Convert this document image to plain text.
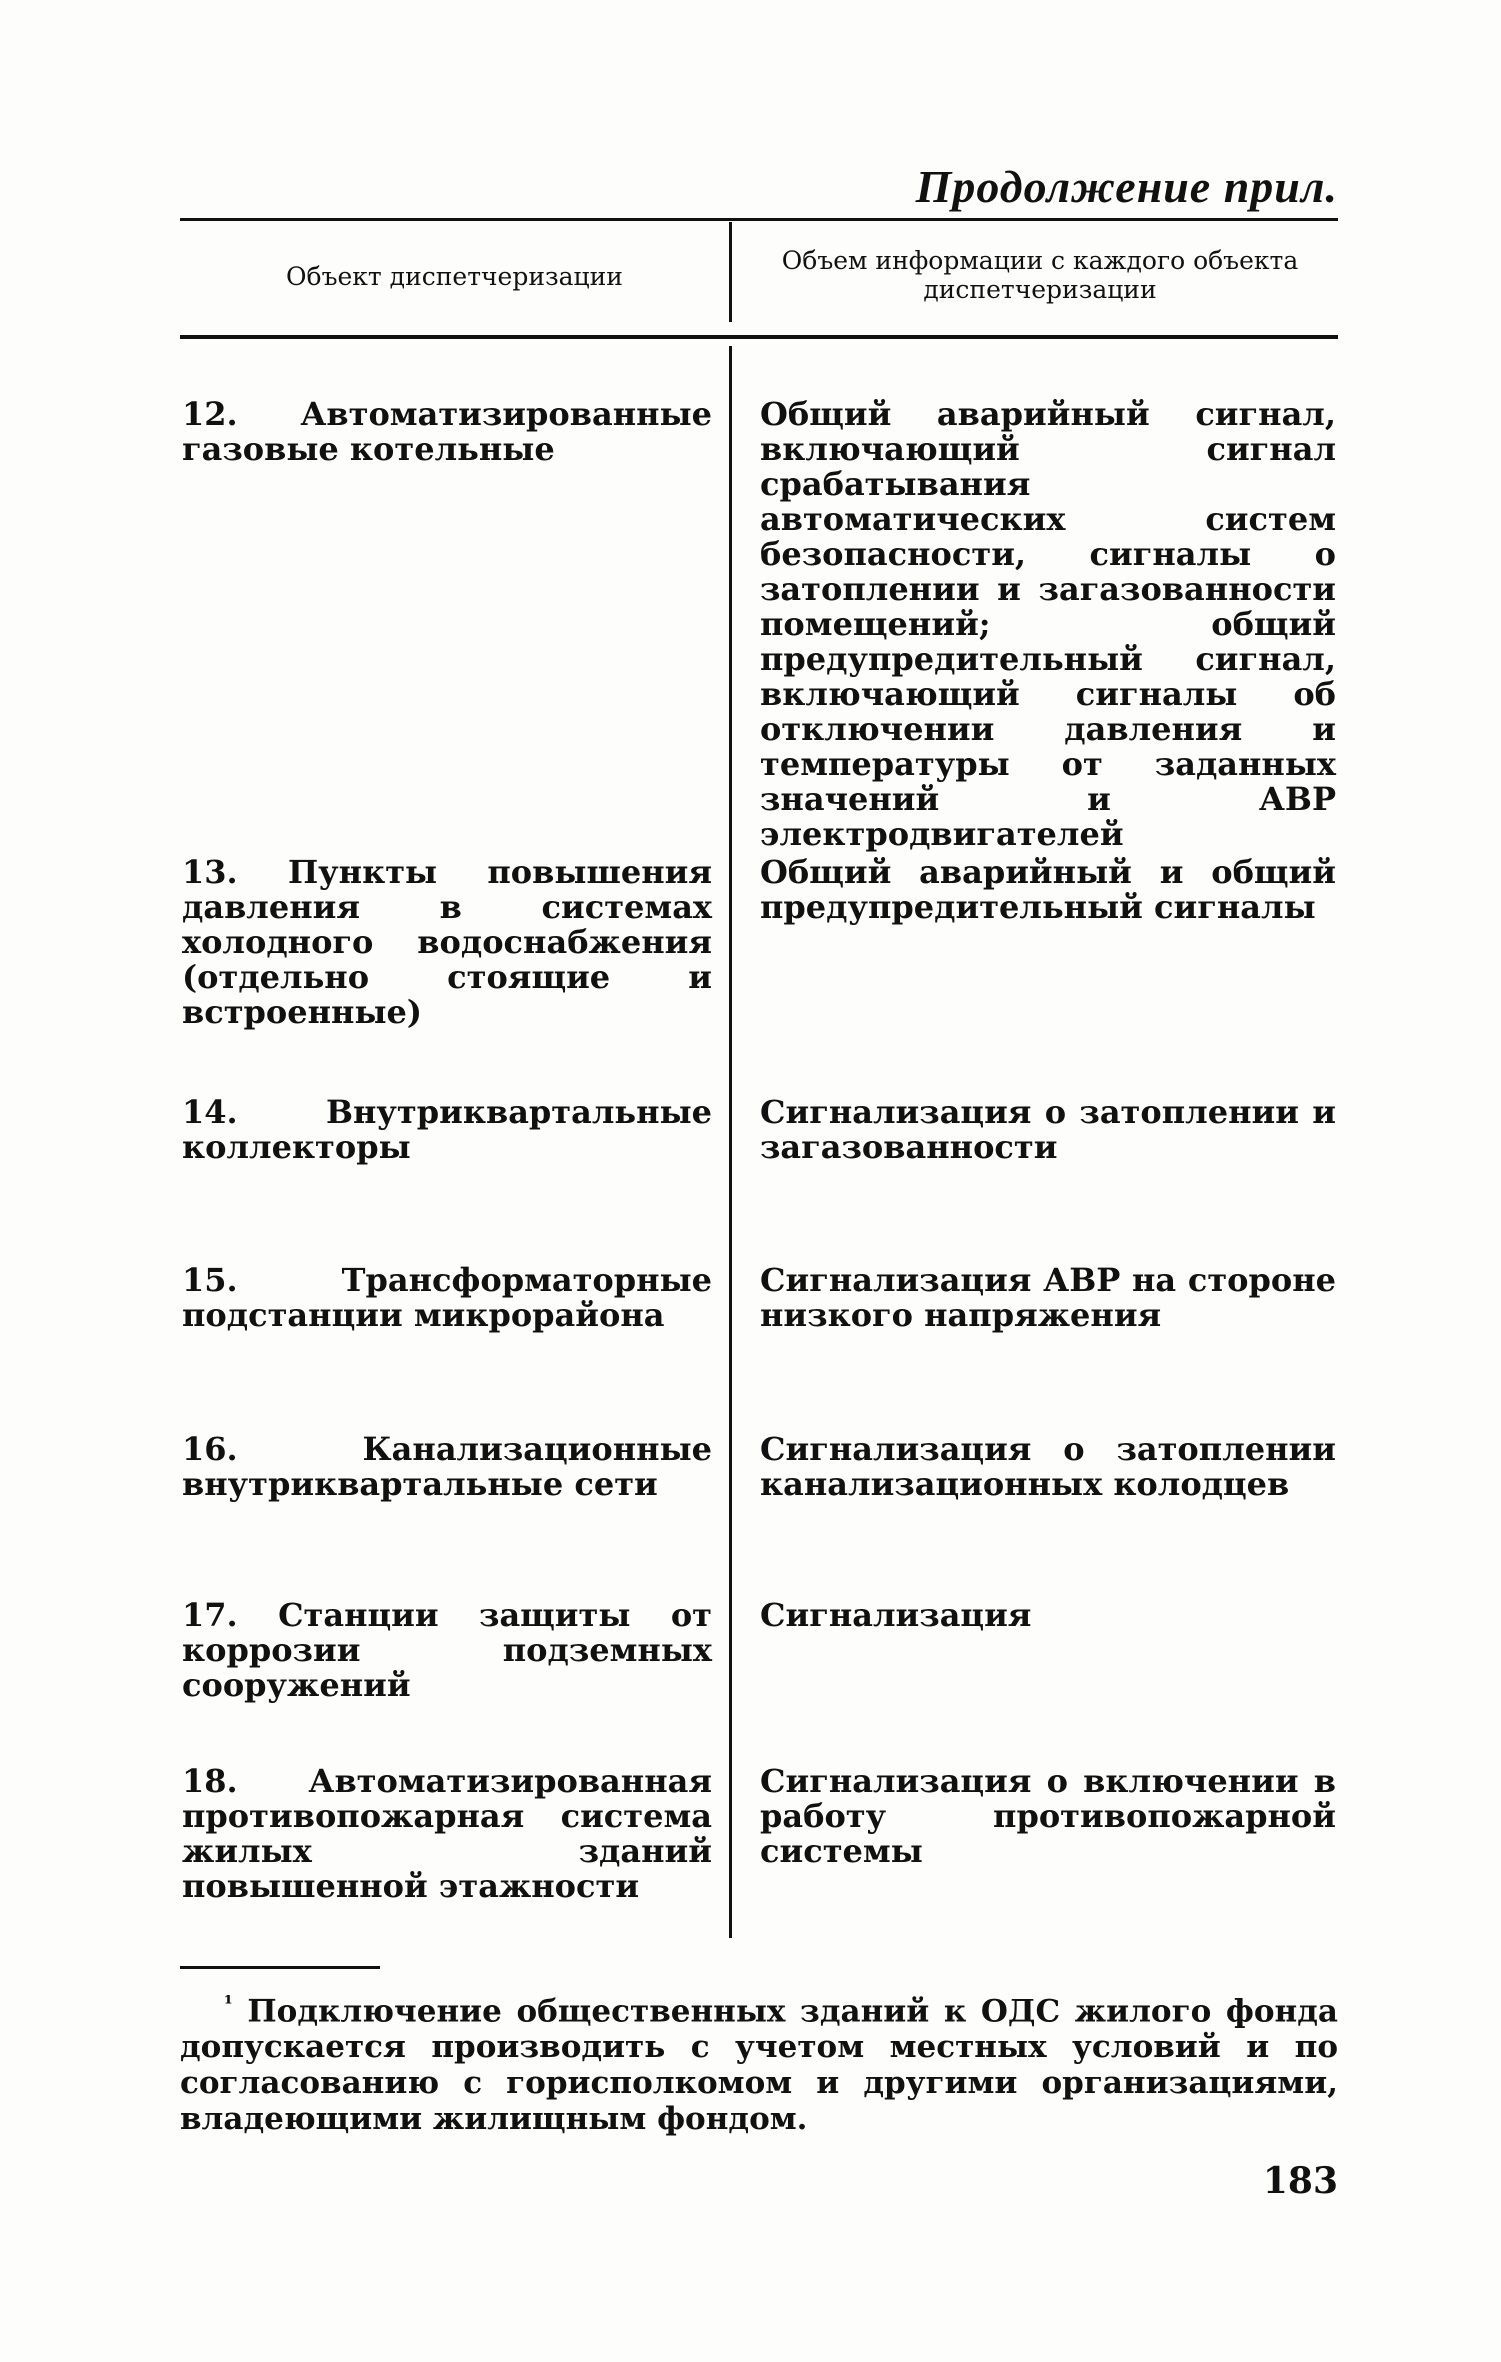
Продолжение прил.
Объект диспетчеризации
Объем информации с каждого объекта диспетчеризации
12. Автоматизированные газовые котельные
Общий аварийный сигнал, включающий сигнал срабатывания автоматических систем безопасности, сигналы о затоплении и загазованности помещений; общий предупредительный сигнал, включающий сигналы об отключении давления и температуры от заданных значений и АВР электродвигателей
13. Пункты повышения давления в системах холодного водоснабжения (отдельно стоящие и встроенные)
Общий аварийный и общий предупредительный сигналы
14. Внутриквартальные коллекторы
Сигнализация о затоплении и загазованности
15. Трансформаторные подстанции микрорайона
Сигнализация АВР на стороне низкого напряжения
16. Канализационные внутриквартальные сети
Сигнализация о затоплении канализационных колодцев
17. Станции защиты от коррозии подземных сооружений
Сигнализация
18. Автоматизированная противопожарная система жилых зданий повышенной этажности
Сигнализация о включении в работу противопожарной системы
$^{^1}$ Подключение общественных зданий к ОДС жилого фонда допускается производить с учетом местных условий и по согласованию с горисполкомом и другими организациями, владеющими жилищным фондом.
183
